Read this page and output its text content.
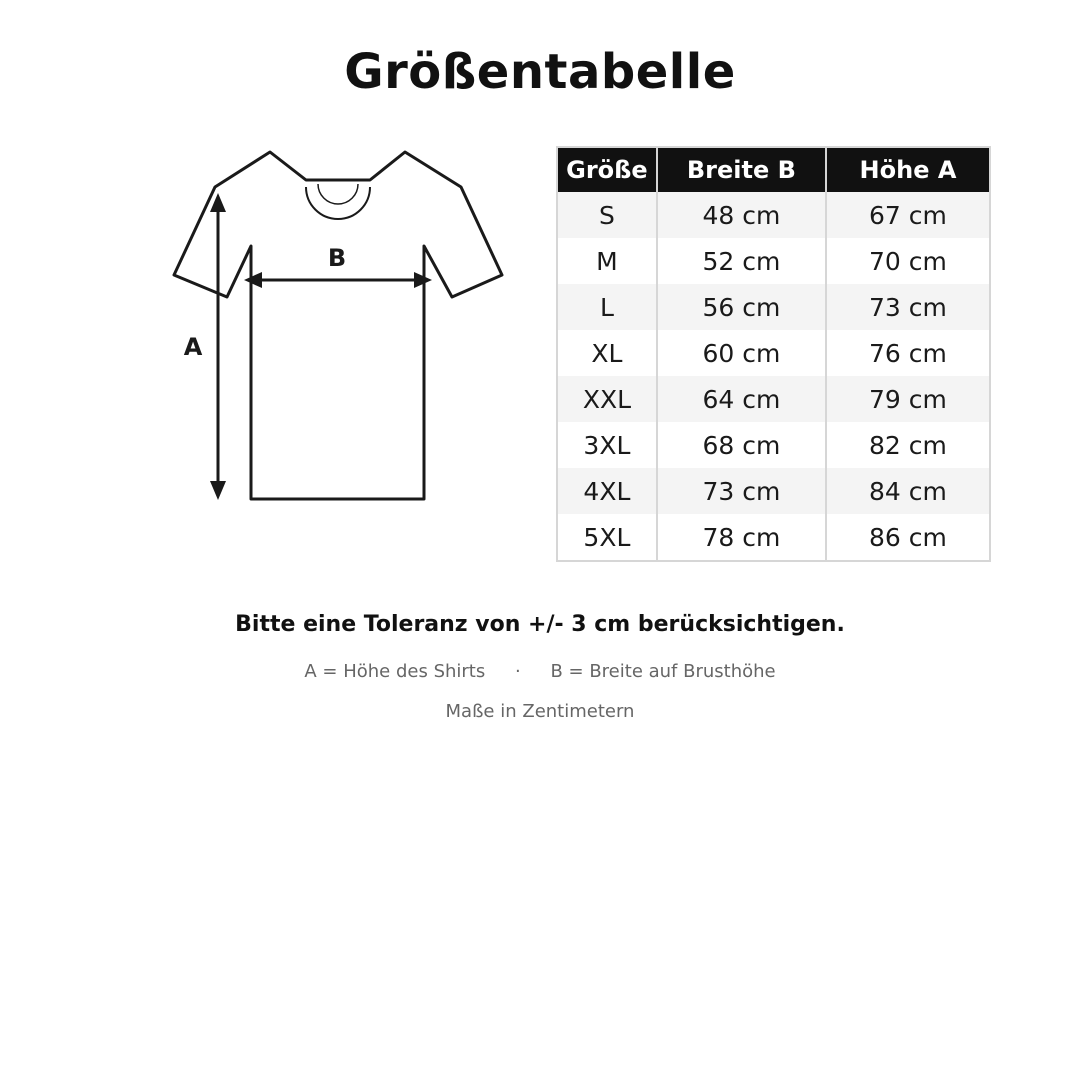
Größentabelle
A
B
Größe	Breite B	Höhe A
S	48 cm	67 cm
M	52 cm	70 cm
L	56 cm	73 cm
XL	60 cm	76 cm
XXL	64 cm	79 cm
3XL	68 cm	82 cm
4XL	73 cm	84 cm
5XL	78 cm	86 cm
Bitte eine Toleranz von +/- 3 cm berücksichtigen.
A = Höhe des Shirts · B = Breite auf Brusthöhe
Maße in Zentimetern
